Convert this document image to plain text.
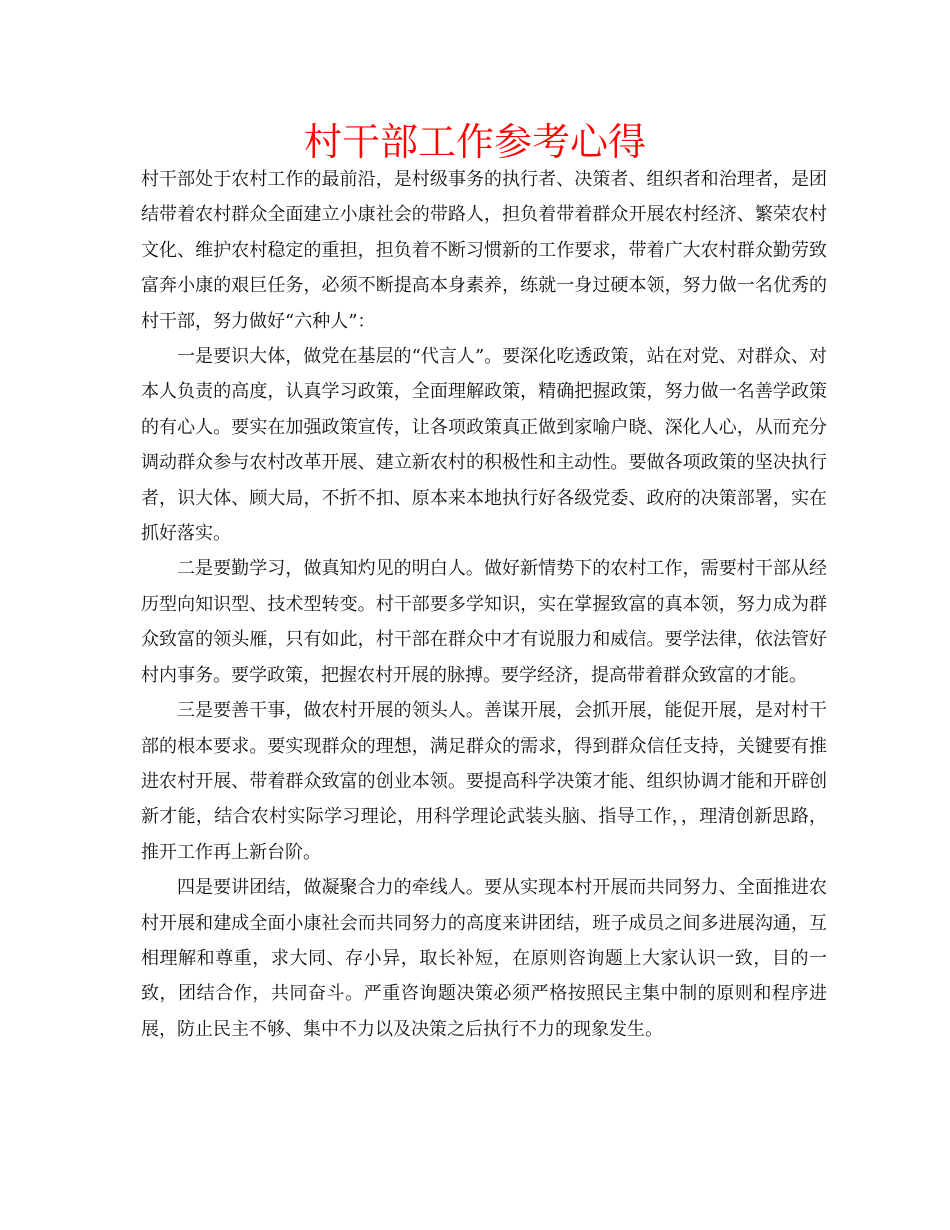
村干部工作参考心得

村干部处于农村工作的最前沿，是村级事务的执行者、决策者、组织者和治理者，是团结带着农村群众全面建立小康社会的带路人，担负着带着群众开展农村经济、繁荣农村文化、维护农村稳定的重担，担负着不断习惯新的工作要求，带着广大农村群众勤劳致富奔小康的艰巨任务，必须不断提高本身素养，练就一身过硬本领，努力做一名优秀的村干部，努力做好“六种人”：

一是要识大体，做党在基层的“代言人”。要深化吃透政策，站在对党、对群众、对本人负责的高度，认真学习政策，全面理解政策，精确把握政策，努力做一名善学政策的有心人。要实在加强政策宣传，让各项政策真正做到家喻户晓、深化人心，从而充分调动群众参与农村改革开展、建立新农村的积极性和主动性。要做各项政策的坚决执行者，识大体、顾大局，不折不扣、原本来本地执行好各级党委、政府的决策部署，实在抓好落实。

二是要勤学习，做真知灼见的明白人。做好新情势下的农村工作，需要村干部从经历型向知识型、技术型转变。村干部要多学知识，实在掌握致富的真本领，努力成为群众致富的领头雁，只有如此，村干部在群众中才有说服力和威信。要学法律，依法管好村内事务。要学政策，把握农村开展的脉搏。要学经济，提高带着群众致富的才能。

三是要善干事，做农村开展的领头人。善谋开展，会抓开展，能促开展，是对村干部的根本要求。要实现群众的理想，满足群众的需求，得到群众信任支持，关键要有推进农村开展、带着群众致富的创业本领。要提高科学决策才能、组织协调才能和开辟创新才能，结合农村实际学习理论，用科学理论武装头脑、指导工作，，理清创新思路，推开工作再上新台阶。

四是要讲团结，做凝聚合力的牵线人。要从实现本村开展而共同努力、全面推进农村开展和建成全面小康社会而共同努力的高度来讲团结，班子成员之间多进展沟通，互相理解和尊重，求大同、存小异，取长补短，在原则咨询题上大家认识一致，目的一致，团结合作，共同奋斗。严重咨询题决策必须严格按照民主集中制的原则和程序进展，防止民主不够、集中不力以及决策之后执行不力的现象发生。
